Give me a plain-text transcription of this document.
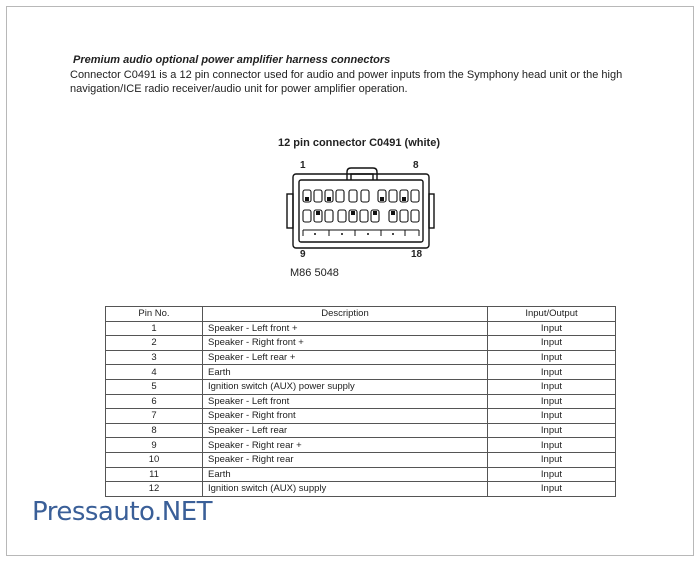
Premium audio optional power amplifier harness connectors
Connector C0491 is a 12 pin connector used for audio and power inputs from the Symphony head unit or the high navigation/ICE radio receiver/audio unit for power amplifier operation.
12 pin connector C0491 (white)
1	8
9	18
M86 5048
Pin No.	Description	Input/Output
1	Speaker - Left front +	Input
2	Speaker - Right front +	Input
3	Speaker - Left rear +	Input
4	Earth	Input
5	Ignition switch (AUX) power supply	Input
6	Speaker - Left front	Input
7	Speaker - Right front	Input
8	Speaker - Left rear	Input
9	Speaker - Right rear +	Input
10	Speaker - Right rear	Input
11	Earth	Input
12	Ignition switch (AUX) supply	Input
Pressauto.NET
